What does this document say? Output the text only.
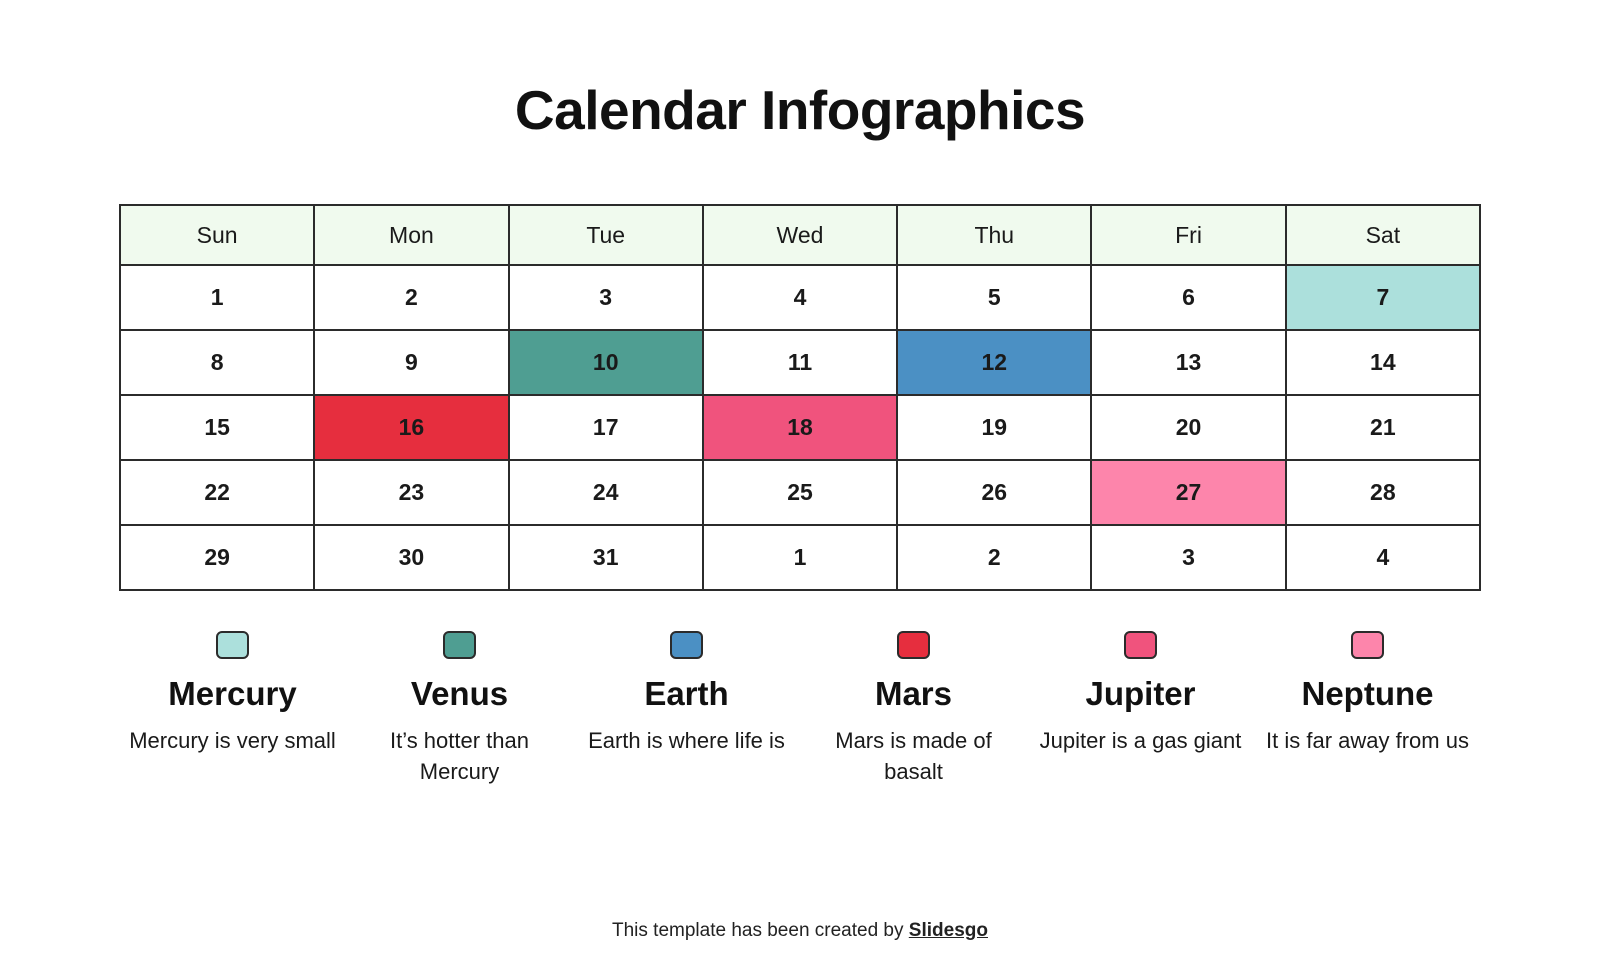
Calendar Infographics
Sun	Mon	Tue	Wed	Thu	Fri	Sat
1	2	3	4	5	6	7
8	9	10	11	12	13	14
15	16	17	18	19	20	21
22	23	24	25	26	27	28
29	30	31	1	2	3	4
Mercury
Mercury is very small
Venus
It’s hotter than Mercury
Earth
Earth is where life is
Mars
Mars is made of basalt
Jupiter
Jupiter is a gas giant
Neptune
It is far away from us
This template has been created by Slidesgo
